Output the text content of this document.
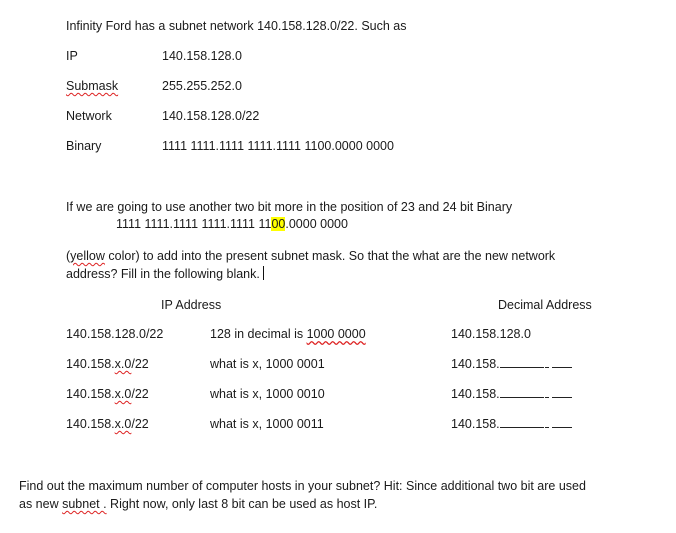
Infinity Ford has a subnet network 140.158.128.0/22. Such as
IP	140.158.128.0
Submask	255.255.252.0
Network	140.158.128.0/22
Binary	1111 1111.1111 1111.1111 1100.0000 0000
If we are going to use another two bit more in the position of 23 and 24 bit Binary
1111 1111.1111 1111.1111 1100.0000 0000
(yellow color) to add into the present subnet mask. So that the what are the new network
address? Fill in the following blank.
IP Address	Decimal Address
140.158.128.0/22	128 in decimal is 1000 0000	140.158.128.0
140.158.x.0/22	what is x, 1000 0001	140.158.
140.158.x.0/22	what is x, 1000 0010	140.158.
140.158.x.0/22	what is x, 1000 0011	140.158.
Find out the maximum number of computer hosts in your subnet? Hit: Since additional two bit are used
as new subnet . Right now, only last 8 bit can be used as host IP.
